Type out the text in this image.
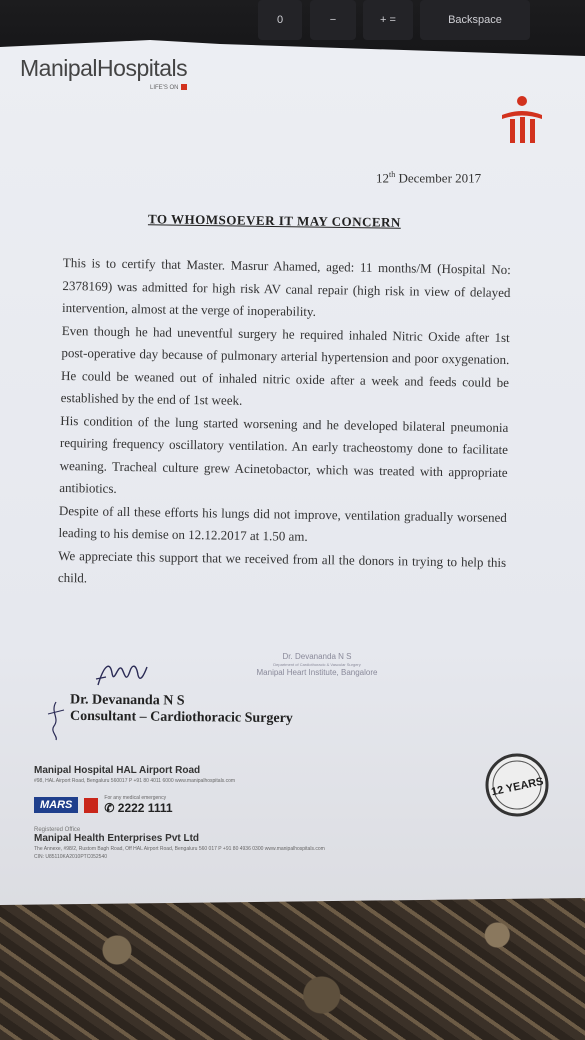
0	−	+ =	Backspace
ManipalHospitals
LIFE'S ON
12th December 2017
TO WHOMSOEVER IT MAY CONCERN

This is to certify that Master. Masrur Ahamed, aged: 11 months/M (Hospital No: 2378169) was admitted for high risk AV canal repair (high risk in view of delayed intervention, almost at the verge of inoperability.

Even though he had uneventful surgery he required inhaled Nitric Oxide after 1st post-operative day because of pulmonary arterial hypertension and poor oxygenation. He could be weaned out of inhaled nitric oxide after a week and feeds could be established by the end of 1st week.

His condition of the lung started worsening and he developed bilateral pneumonia requiring frequency oscillatory ventilation. An early tracheostomy done to facilitate weaning. Tracheal culture grew Acinetobactor, which was treated with appropriate antibiotics.

Despite of all these efforts his lungs did not improve, ventilation gradually worsened leading to his demise on 12.12.2017 at 1.50 am.

We appreciate this support that we received from all the donors in trying to help this child.

Dr. Devananda N S
Department of Cardiothoracic & Vascular Surgery
Manipal Heart Institute, Bangalore
Dr. Devananda N S
Consultant – Cardiothoracic Surgery
Manipal Hospital HAL Airport Road
#98, HAL Airport Road, Bengaluru 560017 P +91 80 4011 6000 www.manipalhospitals.com
MARS
For any medical emergency
✆ 2222 1111
Registered Office
Manipal Health Enterprises Pvt Ltd
The Annexe, #98/2, Rustom Bagh Road, Off HAL Airport Road, Bengaluru 560 017 P +91 80 4936 0300 www.manipalhospitals.com
CIN: U85110KA2010PTC052540
12 YEARS
